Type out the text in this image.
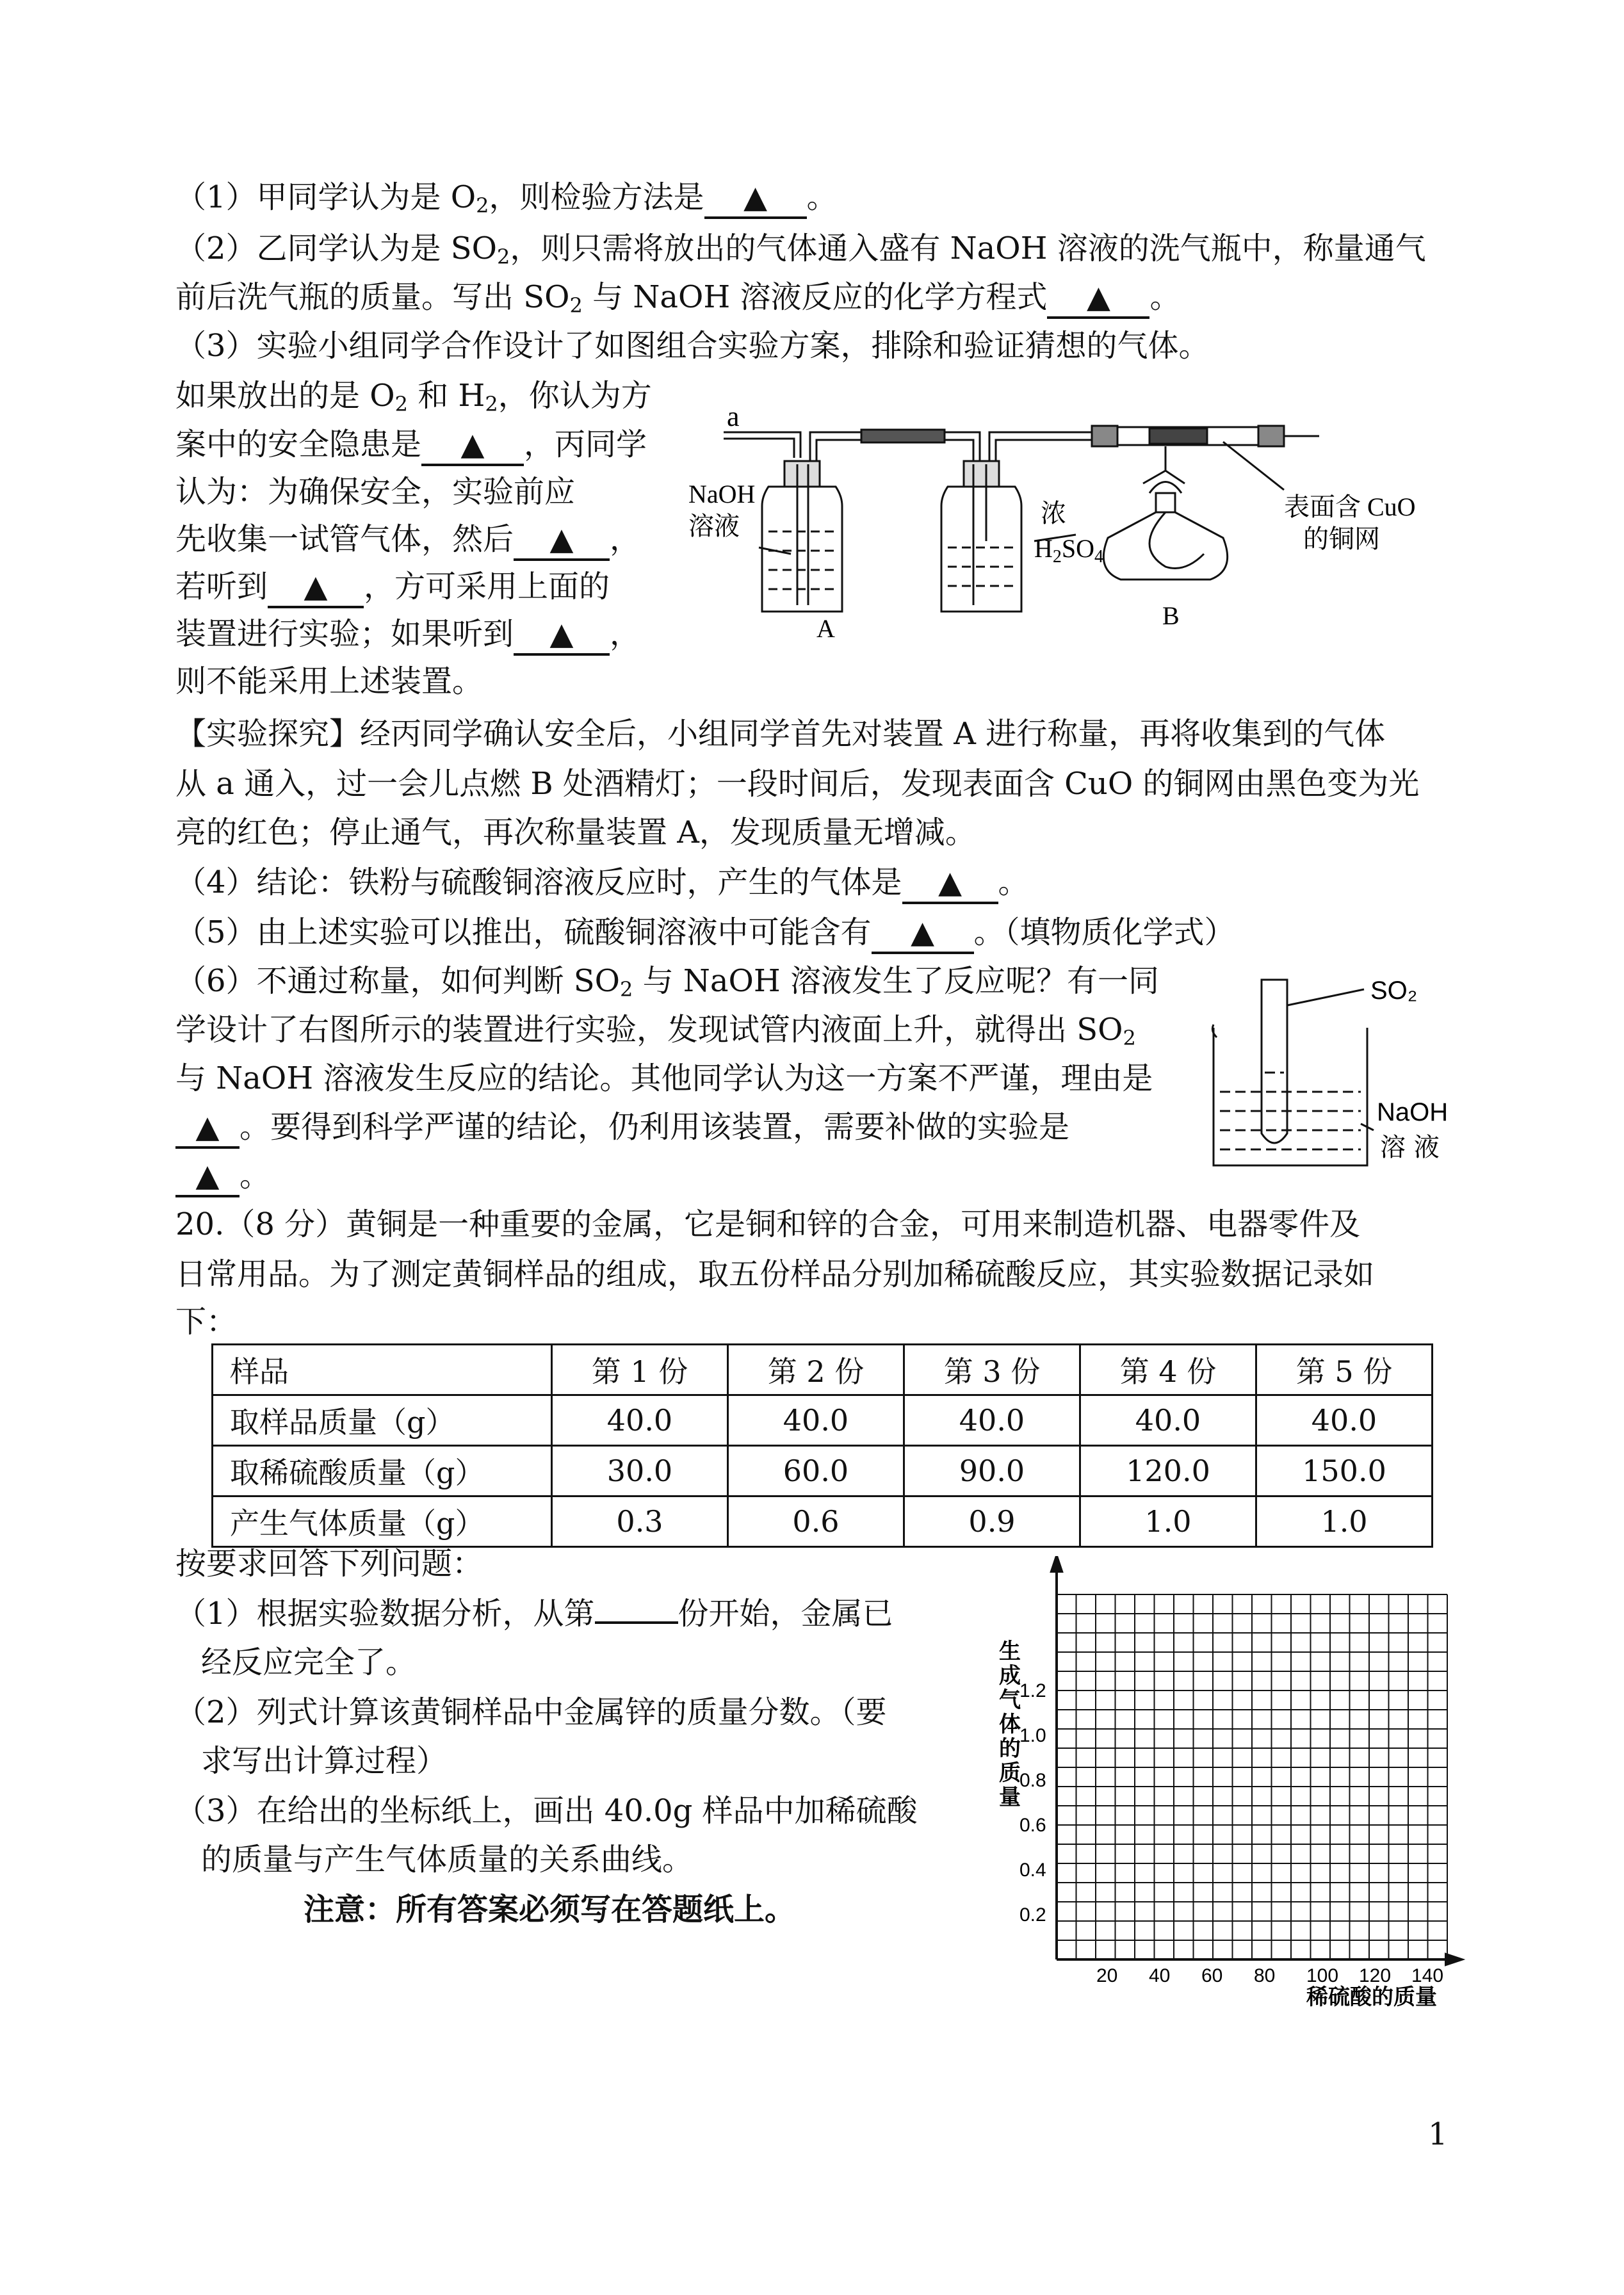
（1）甲同学认为是 $O_2$，则检验方法是 ▲ 。
（2）乙同学认为是 $SO_2$，则只需将放出的气体通入盛有 NaOH 溶液的洗气瓶中，称量通气
前后洗气瓶的质量。写出 $SO_2$ 与 NaOH 溶液反应的化学方程式 ▲ 。
（3）实验小组同学合作设计了如图组合实验方案，排除和验证猜想的气体。
如果放出的是 $O_2$ 和 $H_2$，你认为方
案中的安全隐患是 ▲ ，丙同学
认为：为确保安全，实验前应
先收集一试管气体，然后 ▲ ，
若听到 ▲ ，方可采用上面的
装置进行实验；如果听到 ▲ ，
则不能采用上述装置。
a
NaOH
溶液	浓
$H_2SO_4$
表面含 CuO
的铜网
A	B
【实验探究】经丙同学确认安全后，小组同学首先对装置 A 进行称量，再将收集到的气体
从 a 通入，过一会儿点燃 B 处酒精灯；一段时间后，发现表面含 CuO 的铜网由黑色变为光
亮的红色；停止通气，再次称量装置 A，发现质量无增减。
（4）结论：铁粉与硫酸铜溶液反应时，产生的气体是 ▲ 。
（5）由上述实验可以推出，硫酸铜溶液中可能含有 ▲ 。（填物质化学式）
（6）不通过称量，如何判断 $SO_2$ 与 NaOH 溶液发生了反应呢？有一同
学设计了右图所示的装置进行实验，发现试管内液面上升，就得出 $SO_2$
与 NaOH 溶液发生反应的结论。其他同学认为这一方案不严谨，理由是
▲ 。要得到科学严谨的结论，仍利用该装置，需要补做的实验是
▲ 。
SO₂
NaOH
溶 液
20.（8 分）黄铜是一种重要的金属，它是铜和锌的合金，可用来制造机器、电器零件及
日常用品。为了测定黄铜样品的组成，取五份样品分别加稀硫酸反应，其实验数据记录如
下：
样品	第 1 份	第 2 份	第 3 份	第 4 份	第 5 份
取样品质量（g）	40.0	40.0	40.0	40.0	40.0
取稀硫酸质量（g）	30.0	60.0	90.0	120.0	150.0
产生气体质量（g）	0.3	0.6	0.9	1.0	1.0
按要求回答下列问题：
（1）根据实验数据分析，从第	份开始，金属已
经反应完全了。
（2）列式计算该黄铜样品中金属锌的质量分数。（要
求写出计算过程）
（3）在给出的坐标纸上，画出 40.0g 样品中加稀硫酸
的质量与产生气体质量的关系曲线。
注意：所有答案必须写在答题纸上。
生
成
气
体
的
质
量
1.2
1.0
0.8
0.6
0.4
0.2
20 40 60 80 100 120 140
稀硫酸的质量
1
